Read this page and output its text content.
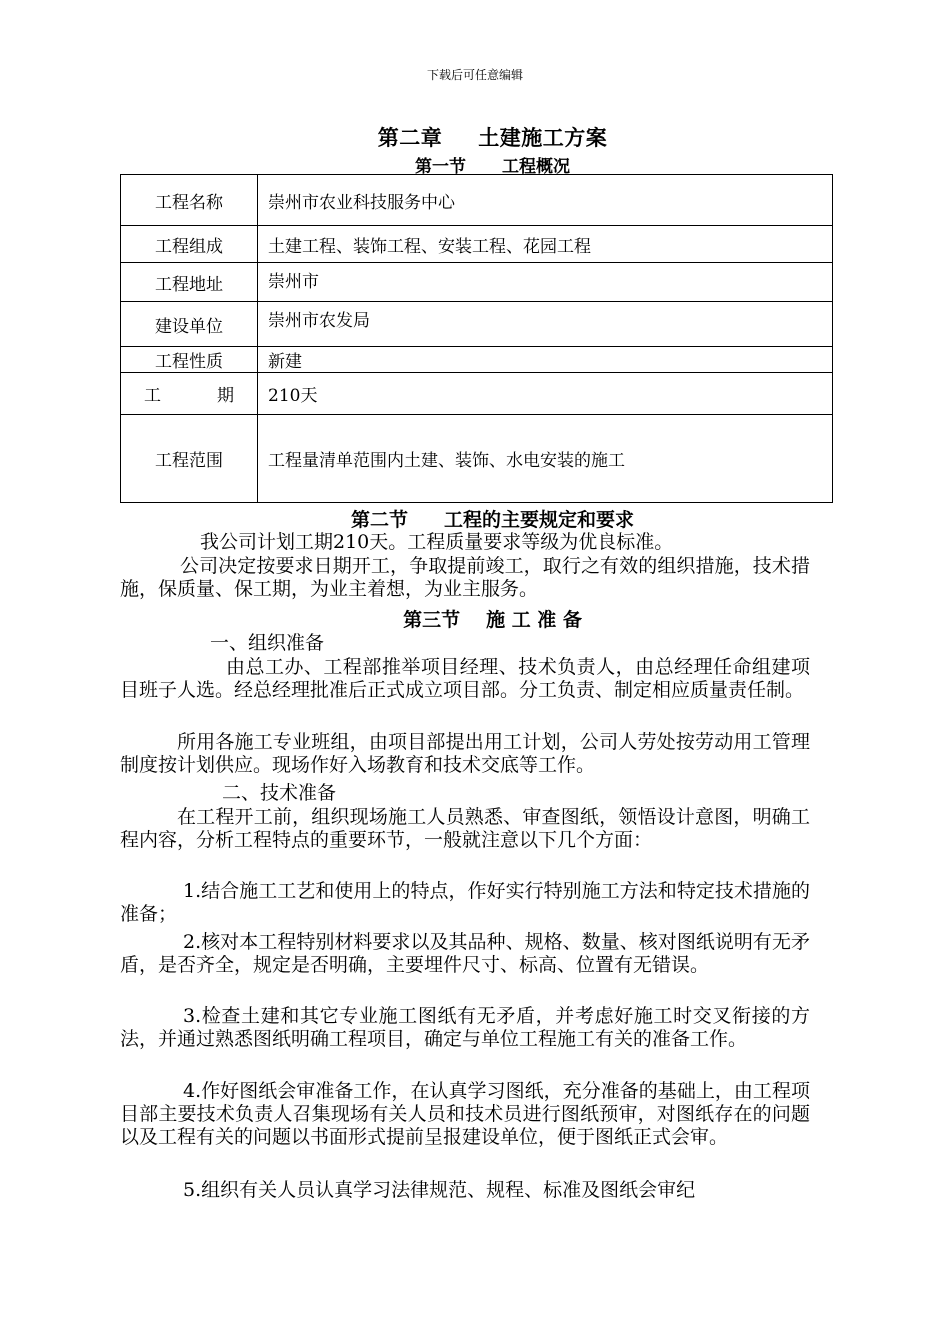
下载后可任意编辑
第二章 土建施工方案
第一节 工程概况
工程名称	崇州市农业科技服务中心
工程组成	土建工程、装饰工程、安装工程、花园工程
工程地址	崇州市
建设单位	崇州市农发局
工程性质	新建
工　　期	210天
工程范围	工程量清单范围内土建、装饰、水电安装的施工
第二节 工程的主要规定和要求

我公司计划工期210天。工程质量要求等级为优良标准。

公司决定按要求日期开工，争取提前竣工，取行之有效的组织措施，技术措施，保质量、保工期，为业主着想，为业主服务。

第三节 施 工 准 备

一、组织准备

由总工办、工程部推举项目经理、技术负责人，由总经理任命组建项目班子人选。经总经理批准后正式成立项目部。分工负责、制定相应质量责任制。

所用各施工专业班组，由项目部提出用工计划，公司人劳处按劳动用工管理制度按计划供应。现场作好入场教育和技术交底等工作。

二、技术准备

在工程开工前，组织现场施工人员熟悉、审查图纸，领悟设计意图，明确工程内容，分析工程特点的重要环节，一般就注意以下几个方面：

1.结合施工工艺和使用上的特点，作好实行特别施工方法和特定技术措施的准备；

2.核对本工程特别材料要求以及其品种、规格、数量、核对图纸说明有无矛盾，是否齐全，规定是否明确，主要埋件尺寸、标高、位置有无错误。

3.检查土建和其它专业施工图纸有无矛盾，并考虑好施工时交叉衔接的方法，并通过熟悉图纸明确工程项目，确定与单位工程施工有关的准备工作。

4.作好图纸会审准备工作，在认真学习图纸，充分准备的基础上，由工程项目部主要技术负责人召集现场有关人员和技术员进行图纸预审，对图纸存在的问题以及工程有关的问题以书面形式提前呈报建设单位，便于图纸正式会审。

5.组织有关人员认真学习法律规范、规程、标准及图纸会审纪
